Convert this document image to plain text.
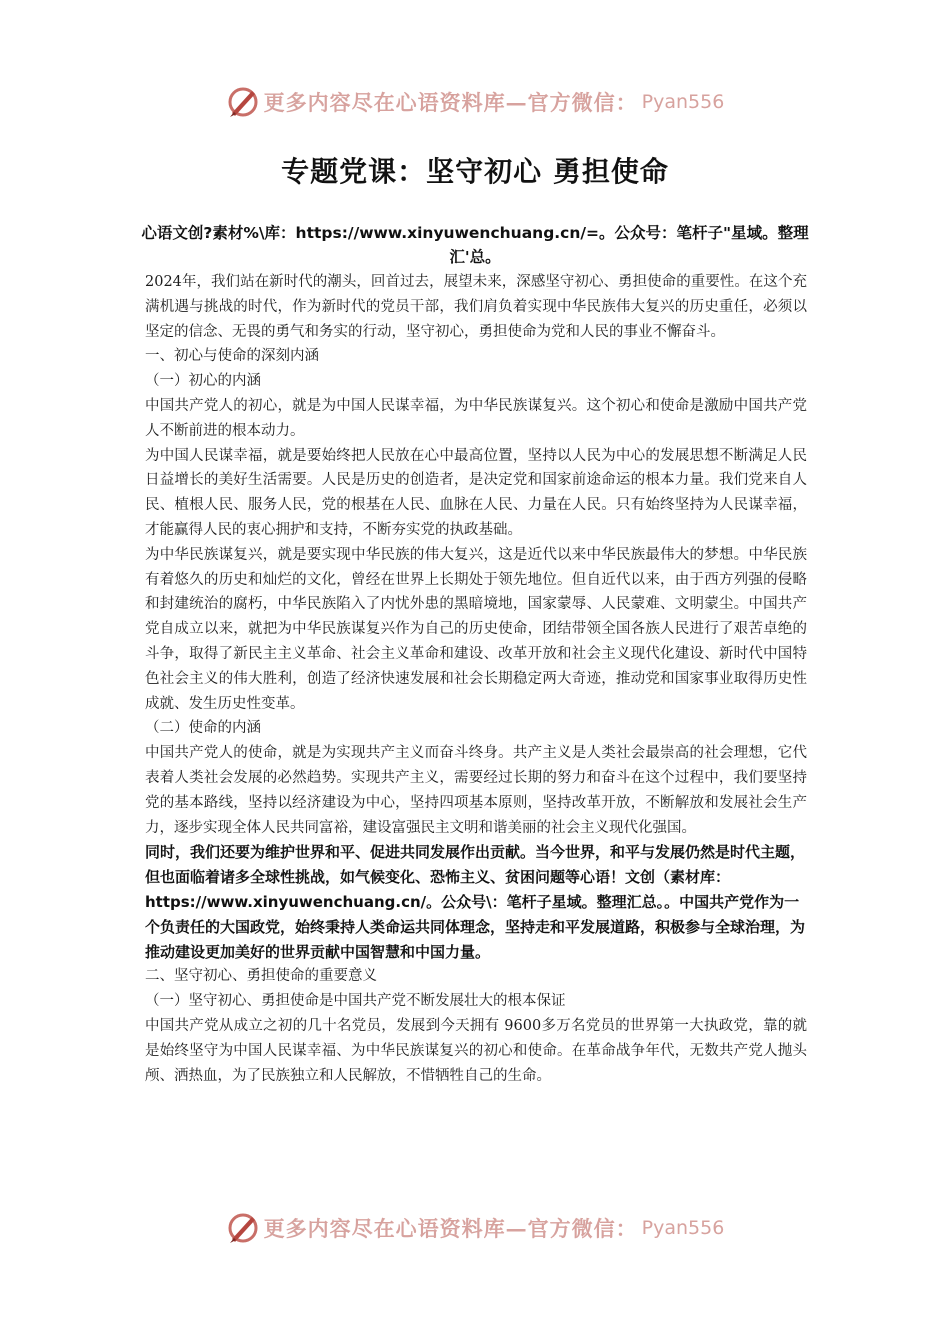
更多内容尽在心语资料库—官方微信： Pyan556
专题党课：坚守初心 勇担使命
心语文创?素材%\库：https://www.xinyuwenchuang.cn/=。公众号：笔杆子"星域。整理汇'总。

2024年，我们站在新时代的潮头，回首过去，展望未来，深感坚守初心、勇担使命的重要性。在这个充满机遇与挑战的时代，作为新时代的党员干部，我们肩负着实现中华民族伟大复兴的历史重任，必须以坚定的信念、无畏的勇气和务实的行动，坚守初心，勇担使命为党和人民的事业不懈奋斗。

一、初心与使命的深刻内涵

（一）初心的内涵

中国共产党人的初心，就是为中国人民谋幸福，为中华民族谋复兴。这个初心和使命是激励中国共产党人不断前进的根本动力。

为中国人民谋幸福，就是要始终把人民放在心中最高位置，坚持以人民为中心的发展思想不断满足人民日益增长的美好生活需要。人民是历史的创造者，是决定党和国家前途命运的根本力量。我们党来自人民、植根人民、服务人民，党的根基在人民、血脉在人民、力量在人民。只有始终坚持为人民谋幸福，才能赢得人民的衷心拥护和支持，不断夯实党的执政基础。

为中华民族谋复兴，就是要实现中华民族的伟大复兴，这是近代以来中华民族最伟大的梦想。中华民族有着悠久的历史和灿烂的文化，曾经在世界上长期处于领先地位。但自近代以来，由于西方列强的侵略和封建统治的腐朽，中华民族陷入了内忧外患的黑暗境地，国家蒙辱、人民蒙难、文明蒙尘。中国共产党自成立以来，就把为中华民族谋复兴作为自己的历史使命，团结带领全国各族人民进行了艰苦卓绝的斗争，取得了新民主主义革命、社会主义革命和建设、改革开放和社会主义现代化建设、新时代中国特色社会主义的伟大胜利，创造了经济快速发展和社会长期稳定两大奇迹，推动党和国家事业取得历史性成就、发生历史性变革。

（二）使命的内涵

中国共产党人的使命，就是为实现共产主义而奋斗终身。共产主义是人类社会最崇高的社会理想，它代表着人类社会发展的必然趋势。实现共产主义，需要经过长期的努力和奋斗在这个过程中，我们要坚持党的基本路线，坚持以经济建设为中心，坚持四项基本原则，坚持改革开放，不断解放和发展社会生产力，逐步实现全体人民共同富裕，建设富强民主文明和谐美丽的社会主义现代化强国。

同时，我们还要为维护世界和平、促进共同发展作出贡献。当今世界，和平与发展仍然是时代主题，但也面临着诸多全球性挑战，如气候变化、恐怖主义、贫困问题等心语！文创（素材库：https://www.xinyuwenchuang.cn/。公众号\：笔杆子星域。整理汇总。。中国共产党作为一个负责任的大国政党，始终秉持人类命运共同体理念，坚持走和平发展道路，积极参与全球治理，为推动建设更加美好的世界贡献中国智慧和中国力量。

二、坚守初心、勇担使命的重要意义

（一）坚守初心、勇担使命是中国共产党不断发展壮大的根本保证

中国共产党从成立之初的几十名党员，发展到今天拥有 9600多万名党员的世界第一大执政党，靠的就是始终坚守为中国人民谋幸福、为中华民族谋复兴的初心和使命。在革命战争年代，无数共产党人抛头颅、洒热血，为了民族独立和人民解放，不惜牺牲自己的生命。

更多内容尽在心语资料库—官方微信： Pyan556
